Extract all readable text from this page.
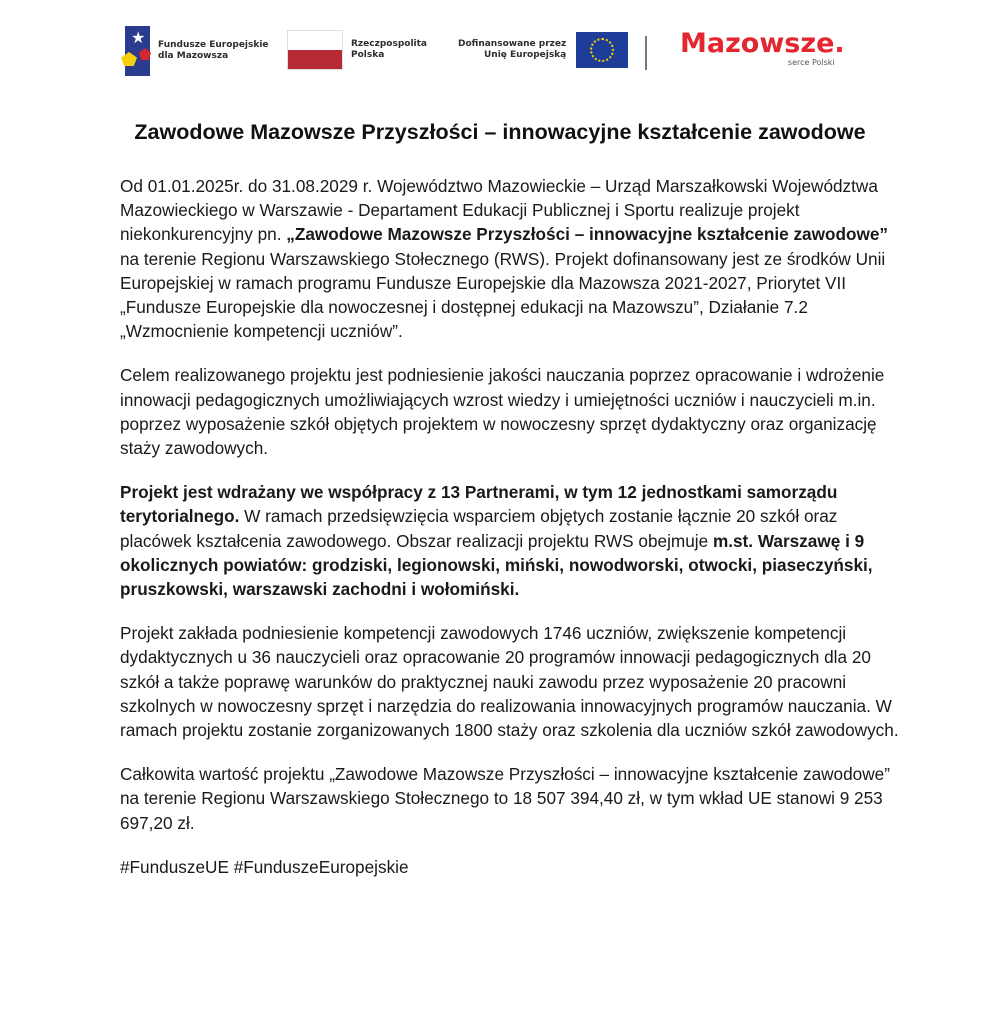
★ Fundusze Europejskie
dla Mazowsza
Rzeczpospolita
Polska
Dofinansowane przez
Unię Europejską	Mazowsze.
serce Polski
Zawodowe Mazowsze Przyszłości – innowacyjne kształcenie zawodowe

Od 01.01.2025r. do 31.08.2029 r. Województwo Mazowieckie – Urząd Marszałkowski Województwa Mazowieckiego w Warszawie - Departament Edukacji Publicznej i Sportu realizuje projekt niekonkurencyjny pn. „Zawodowe Mazowsze Przyszłości – innowacyjne kształcenie zawodowe” na terenie Regionu Warszawskiego Stołecznego (RWS). Projekt dofinansowany jest ze środków Unii Europejskiej w ramach programu Fundusze Europejskie dla Mazowsza 2021-2027, Priorytet VII „Fundusze Europejskie dla nowoczesnej i dostępnej edukacji na Mazowszu”, Działanie 7.2 „Wzmocnienie kompetencji uczniów”.

Celem realizowanego projektu jest podniesienie jakości nauczania poprzez opracowanie i wdrożenie innowacji pedagogicznych umożliwiających wzrost wiedzy i umiejętności uczniów i nauczycieli m.in. poprzez wyposażenie szkół objętych projektem w nowoczesny sprzęt dydaktyczny oraz organizację staży zawodowych.

Projekt jest wdrażany we współpracy z 13 Partnerami, w tym 12 jednostkami samorządu terytorialnego. W ramach przedsięwzięcia wsparciem objętych zostanie łącznie 20 szkół oraz placówek kształcenia zawodowego. Obszar realizacji projektu RWS obejmuje m.st. Warszawę i 9 okolicznych powiatów: grodziski, legionowski, miński, nowodworski, otwocki, piaseczyński, pruszkowski, warszawski zachodni i wołomiński.

Projekt zakłada podniesienie kompetencji zawodowych 1746 uczniów, zwiększenie kompetencji dydaktycznych u 36 nauczycieli oraz opracowanie 20 programów innowacji pedagogicznych dla 20 szkół a także poprawę warunków do praktycznej nauki zawodu przez wyposażenie 20 pracowni szkolnych w nowoczesny sprzęt i narzędzia do realizowania innowacyjnych programów nauczania. W ramach projektu zostanie zorganizowanych 1800 staży oraz szkolenia dla uczniów szkół zawodowych.

Całkowita wartość projektu „Zawodowe Mazowsze Przyszłości – innowacyjne kształcenie zawodowe” na terenie Regionu Warszawskiego Stołecznego to 18 507 394,40 zł, w tym wkład UE stanowi 9 253 697,20 zł.

#FunduszeUE #FunduszeEuropejskie
